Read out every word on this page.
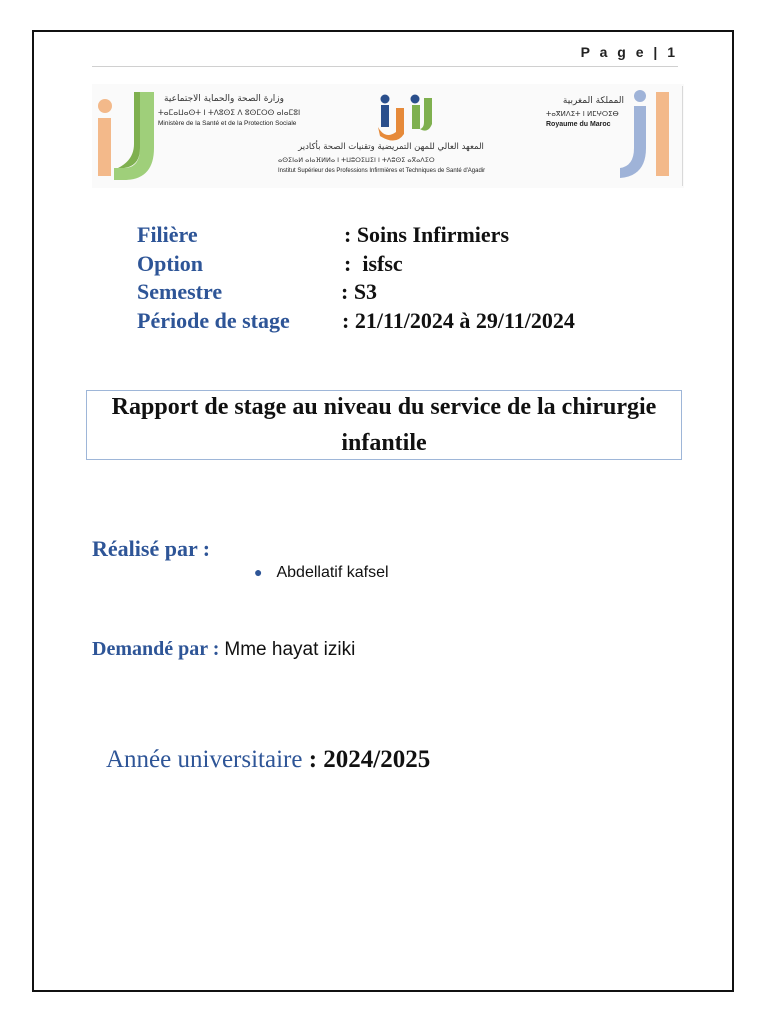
P a g e | 1
وزارة الصحة والحماية الاجتماعية
ⵜⴰⵎⴰⵡⴰⵙⵜ ⵏ ⵜⴷⵓⵙⵉ ⴷ ⵓⵙⵎⵔⵙ ⴰⵏⴰⵎⵓⵏ
Ministère de la Santé et de la Protection Sociale
المعهد العالي للمهن التمريضية وتقنيات الصحة بأكادير
ⴰⵙⵉⵏⴰⵍ ⴰⵏⴰⴼⵍⵍⴰ ⵏ ⵜⵡⵓⵔⵉⵡⵉⵏ ⵏ ⵜⴷⵓⵙⵉ ⴰⴳⴰⴷⵉⵔ
Institut Supérieur des Professions Infirmières et Techniques de Santé d'Agadir
المملكة المغربية
ⵜⴰⴳⵍⴷⵉⵜ ⵏ ⵍⵎⵖⵔⵉⴱ
Royaume du Maroc
Filière	: Soins Infirmiers
Option	:  isfsc
Semestre	: S3
Période de stage : 21/11/2024 à 29/11/2024
Rapport de stage au niveau du service de la chirurgie infantile
Réalisé par :
● Abdellatif kafsel
Demandé par : Mme hayat iziki
Année universitaire : 2024/2025
